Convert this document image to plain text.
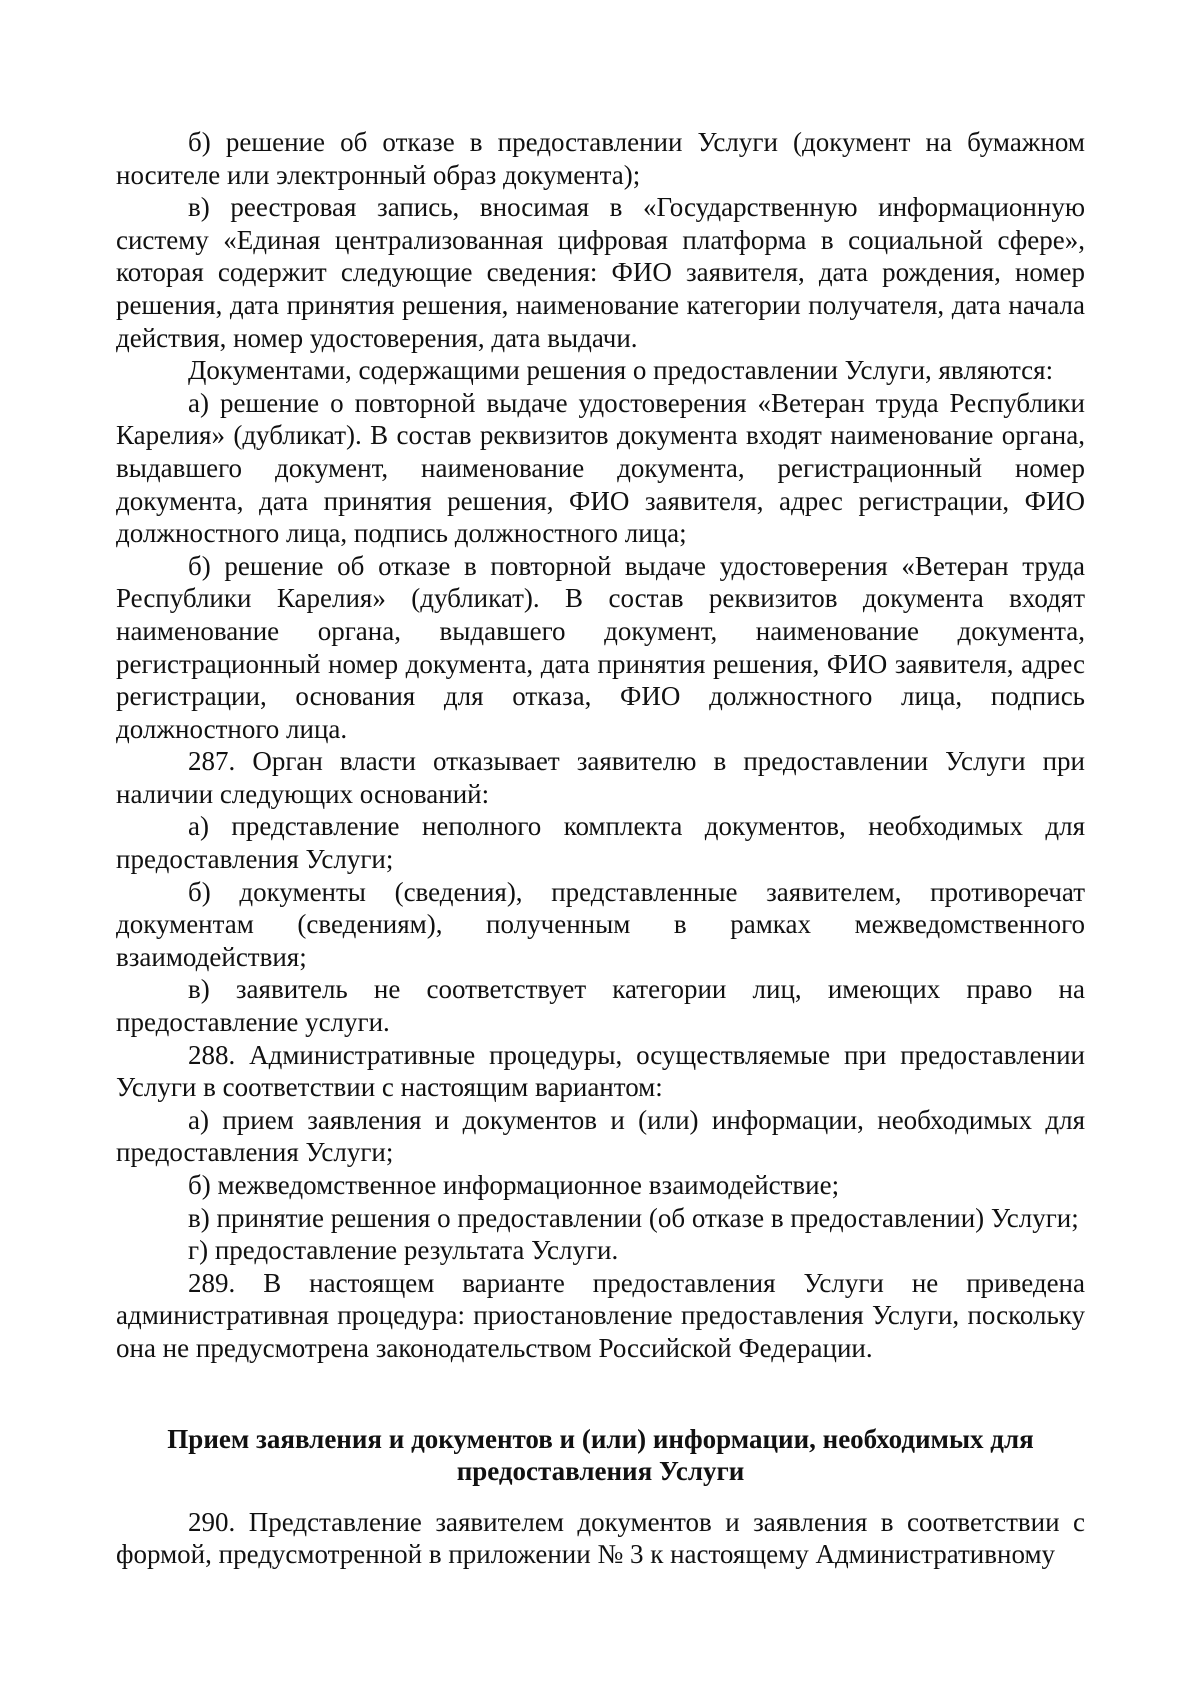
б) решение об отказе в предоставлении Услуги (документ на бумажном носителе или электронный образ документа);

в) реестровая запись, вносимая в «Государственную информационную систему «Единая централизованная цифровая платформа в социальной сфере», которая содержит следующие сведения: ФИО заявителя, дата рождения, номер решения, дата принятия решения, наименование категории получателя, дата начала действия, номер удостоверения, дата выдачи.

Документами, содержащими решения о предоставлении Услуги, являются:

а) решение о повторной выдаче удостоверения «Ветеран труда Республики Карелия» (дубликат). В состав реквизитов документа входят наименование органа, выдавшего документ, наименование документа, регистрационный номер документа, дата принятия решения, ФИО заявителя, адрес регистрации, ФИО должностного лица, подпись должностного лица;

б) решение об отказе в повторной выдаче удостоверения «Ветеран труда Республики Карелия» (дубликат). В состав реквизитов документа входят наименование органа, выдавшего документ, наименование документа, регистрационный номер документа, дата принятия решения, ФИО заявителя, адрес регистрации, основания для отказа, ФИО должностного лица, подпись должностного лица.

287. Орган власти отказывает заявителю в предоставлении Услуги при наличии следующих оснований:

а) представление неполного комплекта документов, необходимых для предоставления Услуги;

б) документы (сведения), представленные заявителем, противоречат документам (сведениям), полученным в рамках межведомственного взаимодействия;

в) заявитель не соответствует категории лиц, имеющих право на предоставление услуги.

288. Административные процедуры, осуществляемые при предоставлении Услуги в соответствии с настоящим вариантом:

а) прием заявления и документов и (или) информации, необходимых для предоставления Услуги;

б) межведомственное информационное взаимодействие;

в) принятие решения о предоставлении (об отказе в предоставлении) Услуги;

г) предоставление результата Услуги.

289. В настоящем варианте предоставления Услуги не приведена административная процедура: приостановление предоставления Услуги, поскольку она не предусмотрена законодательством Российской Федерации.

Прием заявления и документов и (или) информации, необходимых для
предоставления Услуги

290. Представление заявителем документов и заявления в соответствии с формой, предусмотренной в приложении № 3 к настоящему Административному
